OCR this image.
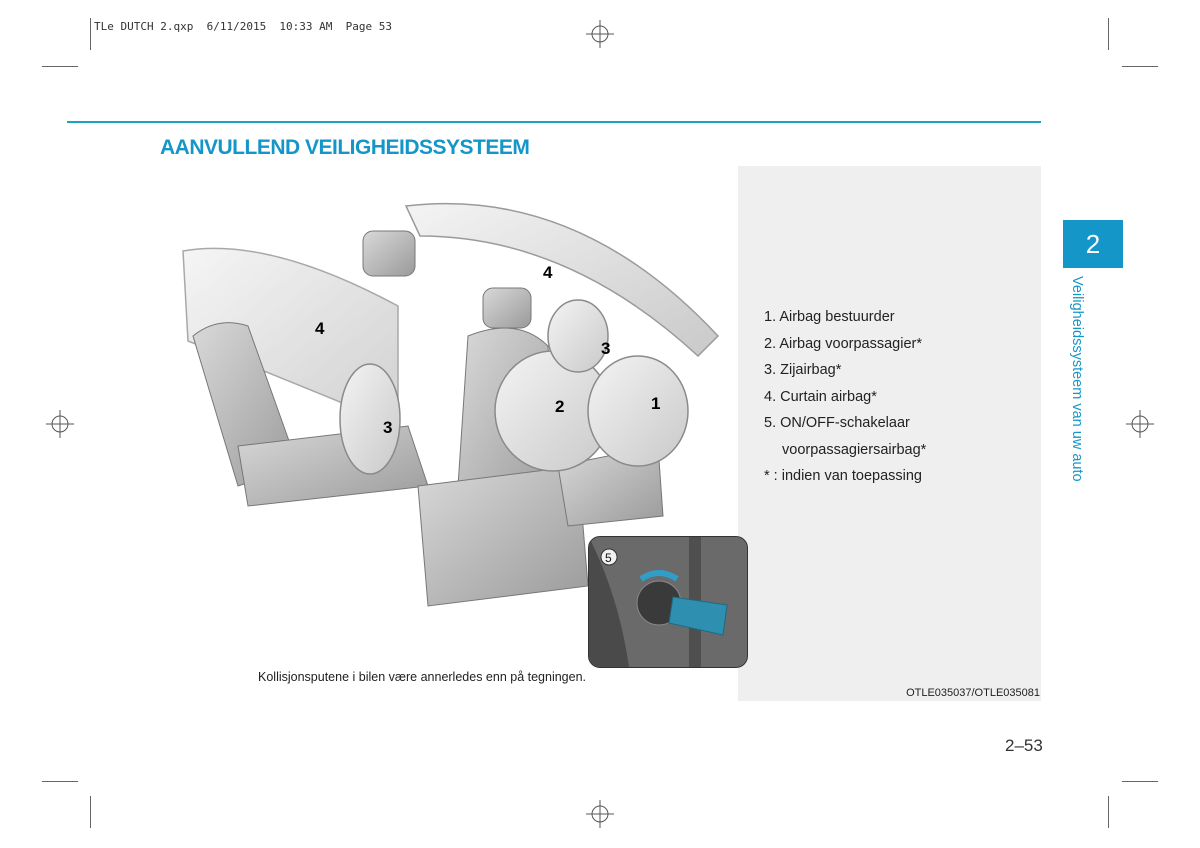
TLe DUTCH 2.qxp  6/11/2015  10:33 AM  Page 53
AANVULLEND VEILIGHEIDSSYSTEEM
4
4
3
3
2	1
5
1. Airbag bestuurder
2. Airbag voorpassagier*
3. Zijairbag*
4. Curtain airbag*
5. ON/OFF-schakelaar
voorpassagiersairbag*
* : indien van toepassing
Kollisjonsputene i bilen være annerledes enn på tegningen.
OTLE035037/OTLE035081
2
Veiligheidssysteem van uw auto
2–53
